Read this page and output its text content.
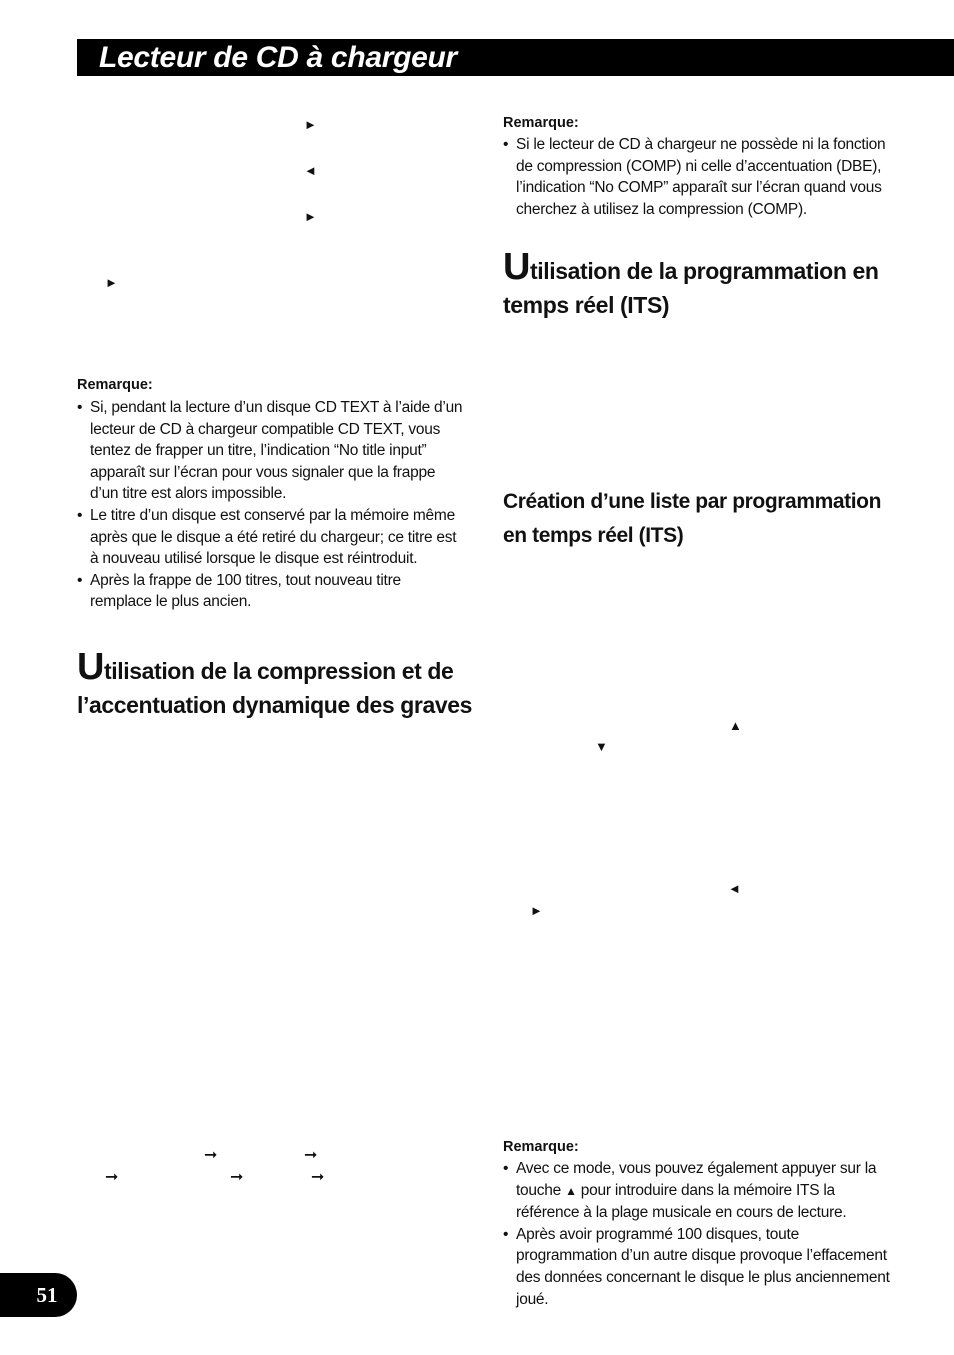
Lecteur de CD à chargeur
►
◄
►
►
Remarque:
• Si, pendant la lecture d’un disque CD TEXT à l’aide d’un lecteur de CD à chargeur compatible CD TEXT, vous tentez de frapper un titre, l’indication “No title input” apparaît sur l’écran pour vous signaler que la frappe d’un titre est alors impossible.
• Le titre d’un disque est conservé par la mémoire même après que le disque a été retiré du chargeur; ce titre est à nouveau utilisé lorsque le disque est réintroduit.
• Après la frappe de 100 titres, tout nouveau titre remplace le plus ancien.
Utilisation de la compression et de l’accentuation dynamique des graves
➞	➞
➞	➞	➞
Remarque:
• Si le lecteur de CD à chargeur ne possède ni la fonction de compression (COMP) ni celle d’accentuation (DBE), l’indication “No COMP” apparaît sur l’écran quand vous cherchez à utilisez la compression (COMP).
Utilisation de la programmation en temps réel (ITS)
Création d’une liste par programmation en temps réel (ITS)
▲
▼
◄
►
Remarque:
• Avec ce mode, vous pouvez également appuyer sur la touche ▲ pour introduire dans la mémoire ITS la référence à la plage musicale en cours de lecture.
• Après avoir programmé 100 disques, toute programmation d’un autre disque provoque l’effacement des données concernant le disque le plus anciennement joué.
51
